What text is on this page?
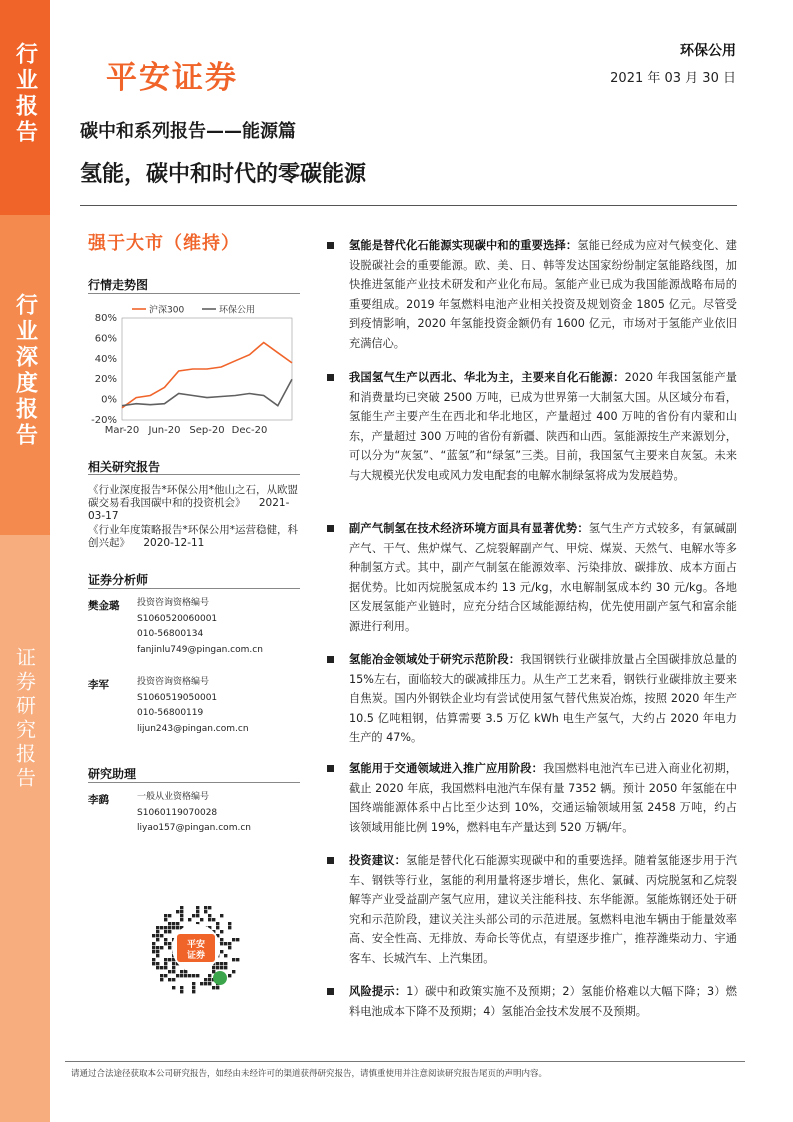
行业报告
行业深度报告
证券研究报告
平安证券
环保公用
2021 年 03 月 30 日
碳中和系列报告——能源篇
氢能，碳中和时代的零碳能源
强于大市（维持）
行情走势图
80%
60%
40%
20%
0%
-20%
Mar-20 Jun-20 Sep-20 Dec-20
沪深300	环保公用
相关研究报告
《行业深度报告*环保公用*他山之石，从欧盟碳交易看我国碳中和的投资机会》 2021-03-17
《行业年度策略报告*环保公用*运营稳健，科创兴起》 2020-12-11
证券分析师
樊金璐 投资咨询资格编号
S1060520060001
010-56800134
fanjinlu749@pingan.com.cn
李军	投资咨询资格编号
S1060519050001
010-56800119
lijun243@pingan.com.cn
研究助理
李鹞	一般从业资格编号
S1060119070028
liyao157@pingan.com.cn
平安
证券
氢能是替代化石能源实现碳中和的重要选择：氢能已经成为应对气候变化、建设脱碳社会的重要能源。欧、美、日、韩等发达国家纷纷制定氢能路线图，加快推进氢能产业技术研发和产业化布局。氢能产业已成为我国能源战略布局的重要组成。2019 年氢燃料电池产业相关投资及规划资金 1805 亿元。尽管受到疫情影响，2020 年氢能投资金额仍有 1600 亿元，市场对于氢能产业依旧充满信心。
我国氢气生产以西北、华北为主，主要来自化石能源：2020 年我国氢能产量和消费量均已突破 2500 万吨，已成为世界第一大制氢大国。从区域分布看，氢能生产主要产生在西北和华北地区，产量超过 400 万吨的省份有内蒙和山东，产量超过 300 万吨的省份有新疆、陕西和山西。氢能源按生产来源划分，可以分为“灰氢”、“蓝氢”和“绿氢”三类。目前，我国氢气主要来自灰氢。未来与大规模光伏发电或风力发电配套的电解水制绿氢将成为发展趋势。
副产气制氢在技术经济环境方面具有显著优势：氢气生产方式较多，有氯碱副产气、干气、焦炉煤气、乙烷裂解副产气、甲烷、煤炭、天然气、电解水等多种制氢方式。其中，副产气制氢在能源效率、污染排放、碳排放、成本方面占据优势。比如丙烷脱氢成本约 13 元/kg，水电解制氢成本约 30 元/kg。各地区发展氢能产业链时，应充分结合区域能源结构，优先使用副产氢气和富余能源进行利用。
氢能冶金领域处于研究示范阶段：我国钢铁行业碳排放量占全国碳排放总量的 15%左右，面临较大的碳减排压力。从生产工艺来看，钢铁行业碳排放主要来自焦炭。国内外钢铁企业均有尝试使用氢气替代焦炭冶炼，按照 2020 年生产 10.5 亿吨粗钢，估算需要 3.5 万亿 kWh 电生产氢气，大约占 2020 年电力生产的 47%。
氢能用于交通领域进入推广应用阶段：我国燃料电池汽车已进入商业化初期，截止 2020 年底，我国燃料电池汽车保有量 7352 辆。预计 2050 年氢能在中国终端能源体系中占比至少达到 10%，交通运输领域用氢 2458 万吨，约占该领域用能比例 19%，燃料电车产量达到 520 万辆/年。
投资建议：氢能是替代化石能源实现碳中和的重要选择。随着氢能逐步用于汽车、钢铁等行业，氢能的利用量将逐步增长，焦化、氯碱、丙烷脱氢和乙烷裂解等产业受益副产氢气应用，建议关注能科技、东华能源。氢能炼钢还处于研究和示范阶段，建议关注头部公司的示范进展。氢燃料电池车辆由于能量效率高、安全性高、无排放、寿命长等优点，有望逐步推广，推荐潍柴动力、宇通客车、长城汽车、上汽集团。
风险提示：1）碳中和政策实施不及预期；2）氢能价格难以大幅下降；3）燃料电池成本下降不及预期；4）氢能冶金技术发展不及预期。
请通过合法途径获取本公司研究报告，如经由未经许可的渠道获得研究报告，请慎重使用并注意阅读研究报告尾页的声明内容。
